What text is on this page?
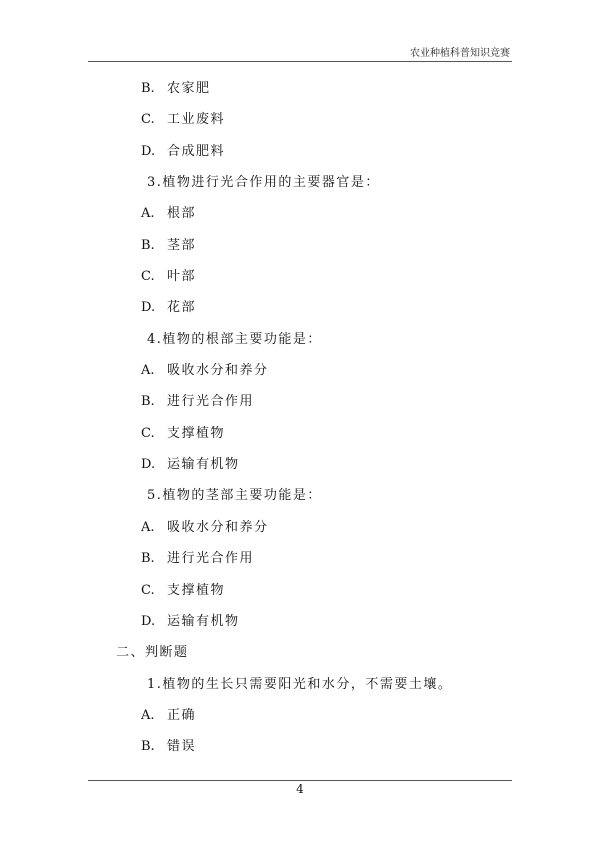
农业种植科普知识竞赛
B. 农家肥
C. 工业废料
D. 合成肥料
3.植物进行光合作用的主要器官是：
A. 根部
B. 茎部
C. 叶部
D. 花部
4.植物的根部主要功能是：
A. 吸收水分和养分
B. 进行光合作用
C. 支撑植物
D. 运输有机物
5.植物的茎部主要功能是：
A. 吸收水分和养分
B. 进行光合作用
C. 支撑植物
D. 运输有机物
二、判断题
1.植物的生长只需要阳光和水分，不需要土壤。
A. 正确
B. 错误
4
